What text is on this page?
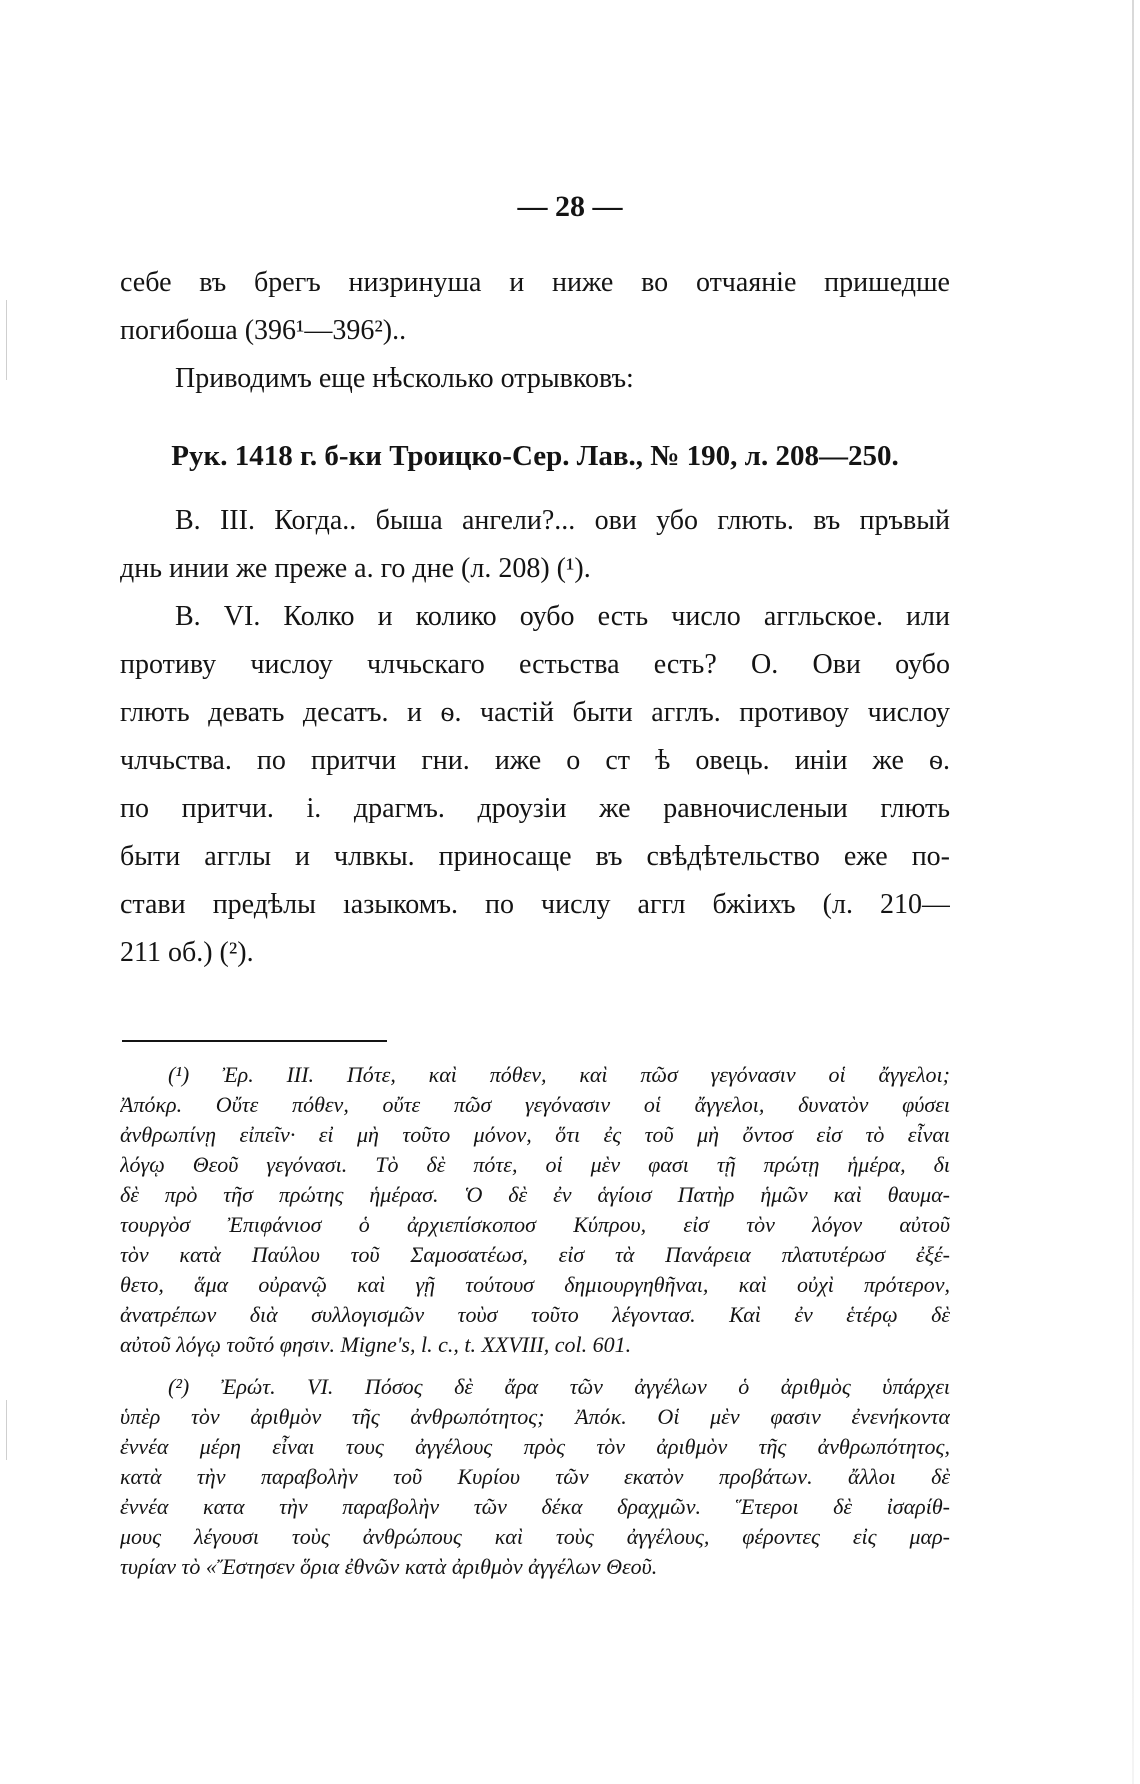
— 28 —
себе въ брегъ низринуша и ниже во отчаяніе пришедше
погибоша (396¹—396²)..
Приводимъ еще нѣсколько отрывковъ:
Рук. 1418 г. б-ки Троицко-Сер. Лав., № 190, л. 208—250.
В. III. Когда.. быша ангели?... ови убо глють. въ пръвый
днь инии же преже а. го дне (л. 208) (¹).
В. VI. Колко и колико оубо есть число аггльское. или
противу числоу члчьскаго естьства есть? О. Ови оубо
глють девать десатъ. и ѳ. частій быти агглъ. противоу числоу
члчьства. по притчи гни. иже о ст ѣ овець. иніи же ѳ.
по притчи. і. драгмъ. дроузіи же равночисленыи глють
быти агглы и члвкы. приносаще въ свѣдѣтельство еже по-
стави предѣлы ıазыкомъ. по числу аггл бжіихъ (л. 210—
211 об.) (²).
(¹) Ἐρ. III. Πότε, καὶ πόθεν, καὶ πῶσ γεγόνασιν οἱ ἄγγελοι;
Ἀπόκρ. Οὔτε πόθεν, οὔτε πῶσ γεγόνασιν οἱ ἄγγελοι, δυνατὸν φύσει
ἀνθρωπίνῃ εἰπεῖν· εἰ μὴ τοῦτο μόνον, ὅτι ἐς τοῦ μὴ ὄντοσ εἰσ τὸ εἶναι
λόγῳ Θεοῦ γεγόνασι. Τὸ δὲ πότε, οἱ μὲν φασι τῇ πρώτῃ ἡμέρα, δι
δὲ πρὸ τῆσ πρώτης ἡμέρασ. Ὁ δὲ ἐν ἁγίοισ Πατὴρ ἡμῶν καὶ θαυμα-
τουργὸσ Ἐπιφάνιοσ ὁ ἀρχιεπίσκοποσ Κύπρου, εἰσ τὸν λόγον αὐτοῦ
τὸν κατὰ Παύλου τοῦ Σαμοσατέωσ, εἰσ τὰ Πανάρεια πλατυτέρωσ ἐξέ-
θετο, ἅμα οὐρανῷ καὶ γῇ τούτουσ δημιουργηθῆναι, καὶ οὐχὶ πρότερον,
ἀνατρέπων διὰ συλλογισμῶν τοὺσ τοῦτο λέγοντασ. Καὶ ἐν ἑτέρῳ δὲ
αὐτοῦ λόγῳ τοῦτό φησιν. Migne's, l. c., t. XXVIII, col. 601.
(²) Ἐρώτ. VI. Πόσος δὲ ἄρα τῶν ἀγγέλων ὁ ἀριθμὸς ὑπάρχει
ὑπὲρ τὸν ἀριθμὸν τῆς ἀνθρωπότητος; Ἀπόκ. Οἱ μὲν φασιν ἐνενήκοντα
ἐννέα μέρη εἶναι τους ἀγγέλους πρὸς τὸν ἀριθμὸν τῆς ἀνθρωπότητος,
κατὰ τὴν παραβολὴν τοῦ Κυρίου τῶν εκατὸν προβάτων. ἄλλοι δὲ
ἐννέα κατα τὴν παραβολὴν τῶν δέκα δραχμῶν. Ἕτεροι δὲ ἰσαρίθ-
μους λέγουσι τοὺς ἀνθρώπους καὶ τοὺς ἀγγέλους, φέροντες εἰς μαρ-
τυρίαν τὸ «Ἔστησεν ὅρια ἐθνῶν κατὰ ἀριθμὸν ἀγγέλων Θεοῦ.
